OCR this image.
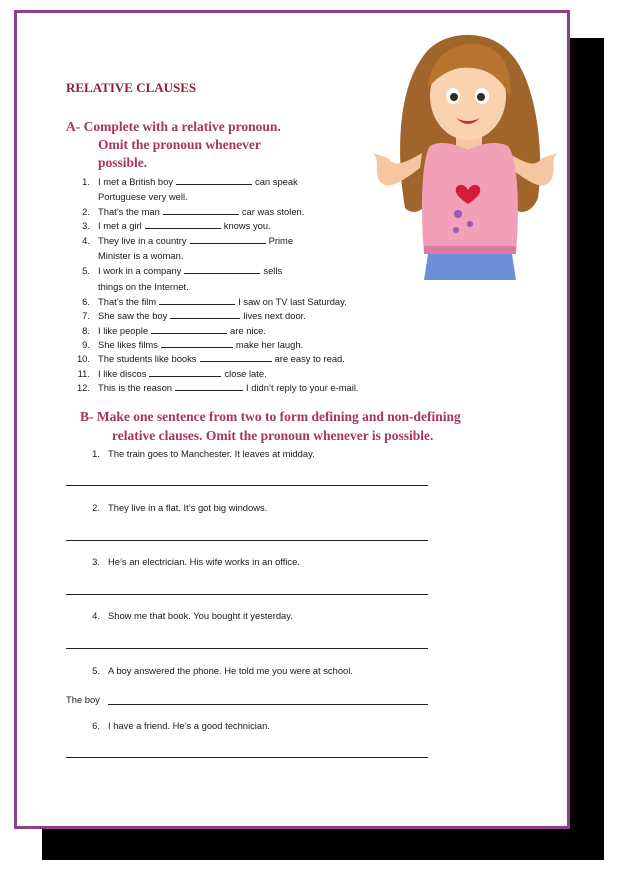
RELATIVE CLAUSES
A- Complete with a relative pronoun.
Omit the pronoun whenever
possible.
1. I met a British boy	can speak
Portuguese very well.
2. That’s the man	car was stolen.
3. I met a girl	knows you.
4. They live in a country	Prime
Minister is a woman.
5. I work in a company	sells
things on the Internet.
6. That’s the film	I saw on TV last Saturday.
7. She saw the boy	lives next door.
8. I like people	are nice.
9. She likes films	make her laugh.
10. The students like books	are easy to read.
11. I like discos	close late.
12. This is the reason	I didn’t reply to your e-mail.
B- Make one sentence from two to form defining and non-defining
relative clauses. Omit the pronoun whenever is possible.
1. The train goes to Manchester. It leaves at midday.
2. They live in a flat. It’s got big windows.
3. He’s an electrician. His wife works in an office.
4. Show me that book. You bought it yesterday.
5. A boy answered the phone. He told me you were at school.
The boy
6. I have a friend. He’s a good technician.
